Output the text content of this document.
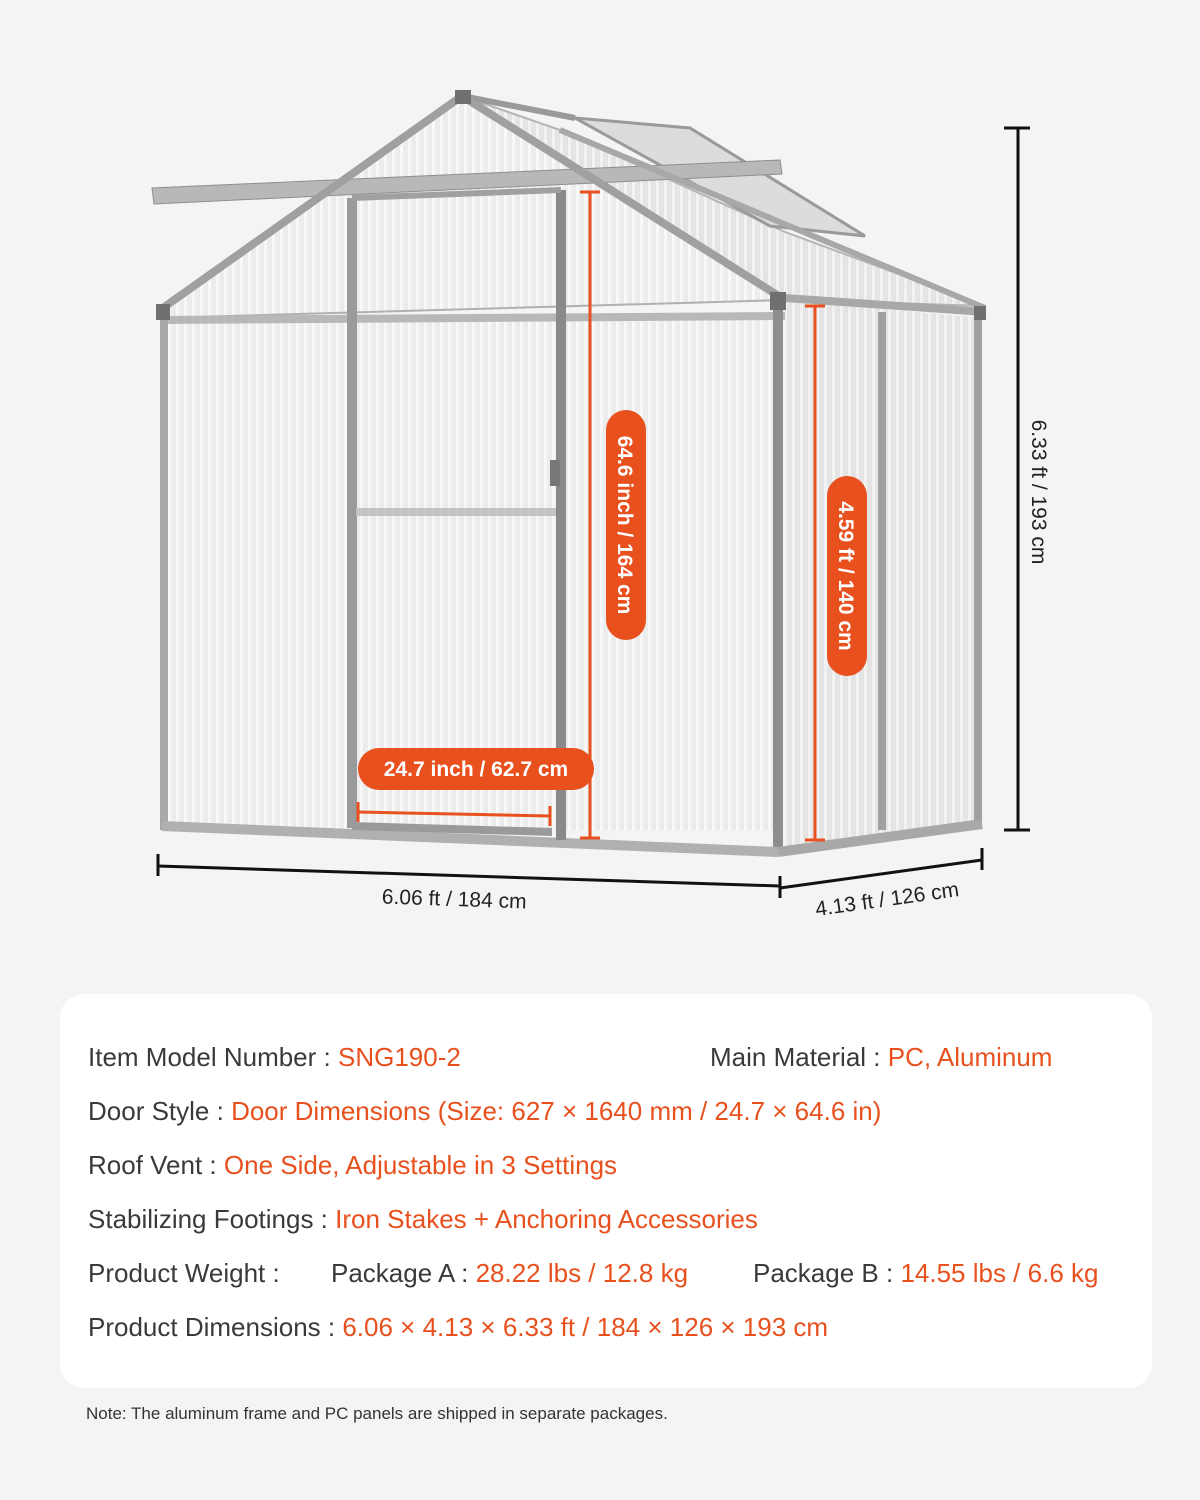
64.6 inch / 164 cm	4.59 ft / 140 cm
24.7 inch / 62.7 cm
6.33 ft / 193 cm
6.06 ft / 184 cm	4.13 ft / 126 cm
Item Model Number : SNG190-2	Main Material : PC, Aluminum
Door Style : Door Dimensions (Size: 627 × 1640 mm / 24.7 × 64.6 in)
Roof Vent : One Side, Adjustable in 3 Settings
Stabilizing Footings : Iron Stakes + Anchoring Accessories
Product Weight : Package A : 28.22 lbs / 12.8 kg Package B : 14.55 lbs / 6.6 kg
Product Dimensions : 6.06 × 4.13 × 6.33 ft / 184 × 126 × 193 cm
Note: The aluminum frame and PC panels are shipped in separate packages.
